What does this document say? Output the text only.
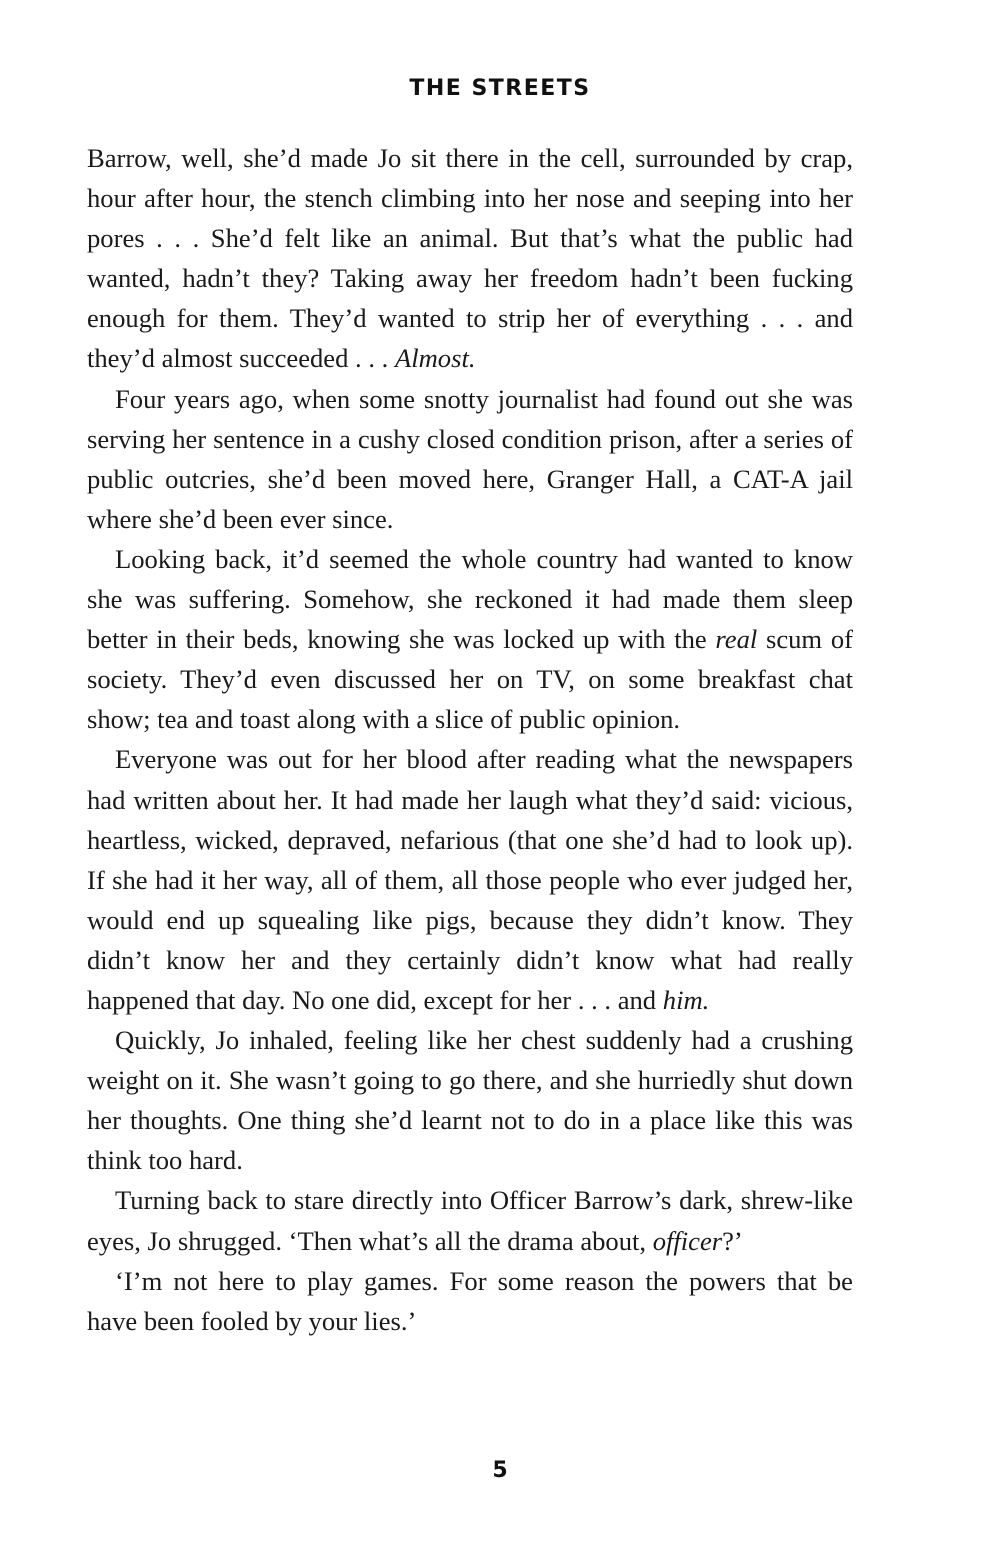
THE STREETS

Barrow, well, she’d made Jo sit there in the cell, surrounded by crap, hour after hour, the stench climbing into her nose and seeping into her pores . . . She’d felt like an animal. But that’s what the public had wanted, hadn’t they? Taking away her freedom hadn’t been fucking enough for them. They’d wanted to strip her of everything . . . and they’d almost succeeded . . . Almost.

Four years ago, when some snotty journalist had found out she was serving her sentence in a cushy closed condition prison, after a series of public outcries, she’d been moved here, Granger Hall, a CAT-A jail where she’d been ever since.

Looking back, it’d seemed the whole country had wanted to know she was suffering. Somehow, she reckoned it had made them sleep better in their beds, knowing she was locked up with the real scum of society. They’d even discussed her on TV, on some breakfast chat show; tea and toast along with a slice of public opinion.

Everyone was out for her blood after reading what the newspapers had written about her. It had made her laugh what they’d said: vicious, heartless, wicked, depraved, nefarious (that one she’d had to look up). If she had it her way, all of them, all those people who ever judged her, would end up squealing like pigs, because they didn’t know. They didn’t know her and they certainly didn’t know what had really happened that day. No one did, except for her . . . and him.

Quickly, Jo inhaled, feeling like her chest suddenly had a crushing weight on it. She wasn’t going to go there, and she hurriedly shut down her thoughts. One thing she’d learnt not to do in a place like this was think too hard.

Turning back to stare directly into Officer Barrow’s dark, shrew-like eyes, Jo shrugged. ‘Then what’s all the drama about, officer?’

‘I’m not here to play games. For some reason the powers that be have been fooled by your lies.’

5
